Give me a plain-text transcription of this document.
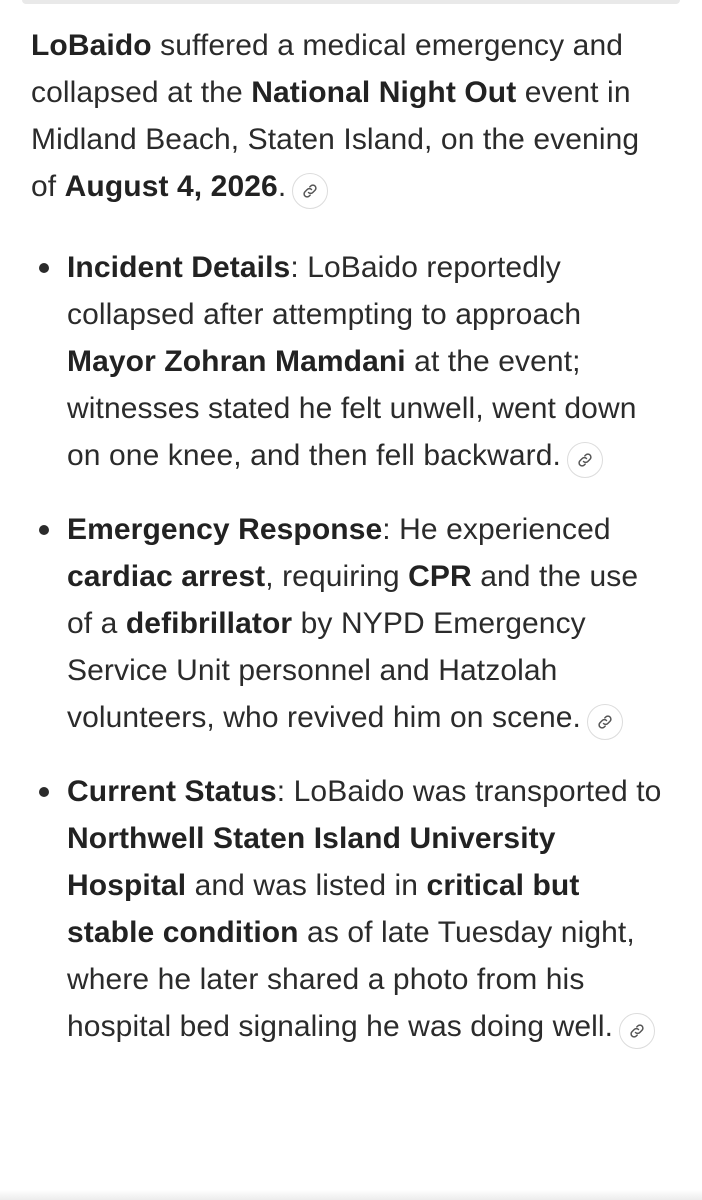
LoBaido suffered a medical emergency and collapsed at the National Night Out event in Midland Beach, Staten Island, on the evening of August 4, 2026.

Incident Details: LoBaido reportedly collapsed after attempting to approach Mayor Zohran Mamdani at the event; witnesses stated he felt unwell, went down on one knee, and then fell backward.
Emergency Response: He experienced cardiac arrest, requiring CPR and the use of a defibrillator by NYPD Emergency Service Unit personnel and Hatzolah volunteers, who revived him on scene.
Current Status: LoBaido was transported to Northwell Staten Island University Hospital and was listed in critical but stable condition as of late Tuesday night, where he later shared a photo from his hospital bed signaling he was doing well.
